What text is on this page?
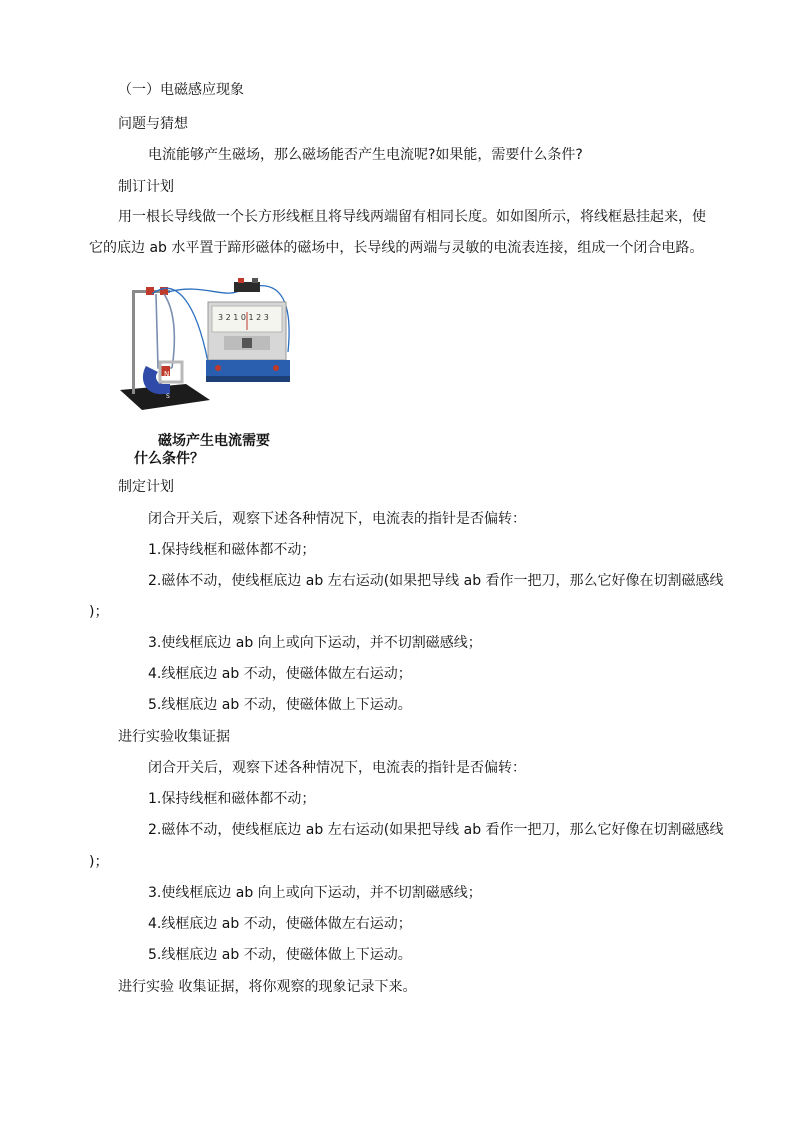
（一）电磁感应现象
问题与猜想
电流能够产生磁场，那么磁场能否产生电流呢?如果能，需要什么条件?
制订计划
用一根长导线做一个长方形线框且将导线两端留有相同长度。如如图所示，将线框悬挂起来，使
它的底边 ab 水平置于蹄形磁体的磁场中，长导线的两端与灵敏的电流表连接，组成一个闭合电路。
N
S
3 2 1 0 1 2 3
磁场产生电流需要
什么条件？
制定计划
闭合开关后，观察下述各种情况下，电流表的指针是否偏转：
1.保持线框和磁体都不动；
2.磁体不动，使线框底边 ab 左右运动(如果把导线 ab 看作一把刀，那么它好像在切割磁感线
)；
3.使线框底边 ab 向上或向下运动，并不切割磁感线；
4.线框底边 ab 不动，使磁体做左右运动；
5.线框底边 ab 不动，使磁体做上下运动。
进行实验收集证据
闭合开关后，观察下述各种情况下，电流表的指针是否偏转：
1.保持线框和磁体都不动；
2.磁体不动，使线框底边 ab 左右运动(如果把导线 ab 看作一把刀，那么它好像在切割磁感线
)；
3.使线框底边 ab 向上或向下运动，并不切割磁感线；
4.线框底边 ab 不动，使磁体做左右运动；
5.线框底边 ab 不动，使磁体做上下运动。
进行实验 收集证据，将你观察的现象记录下来。
